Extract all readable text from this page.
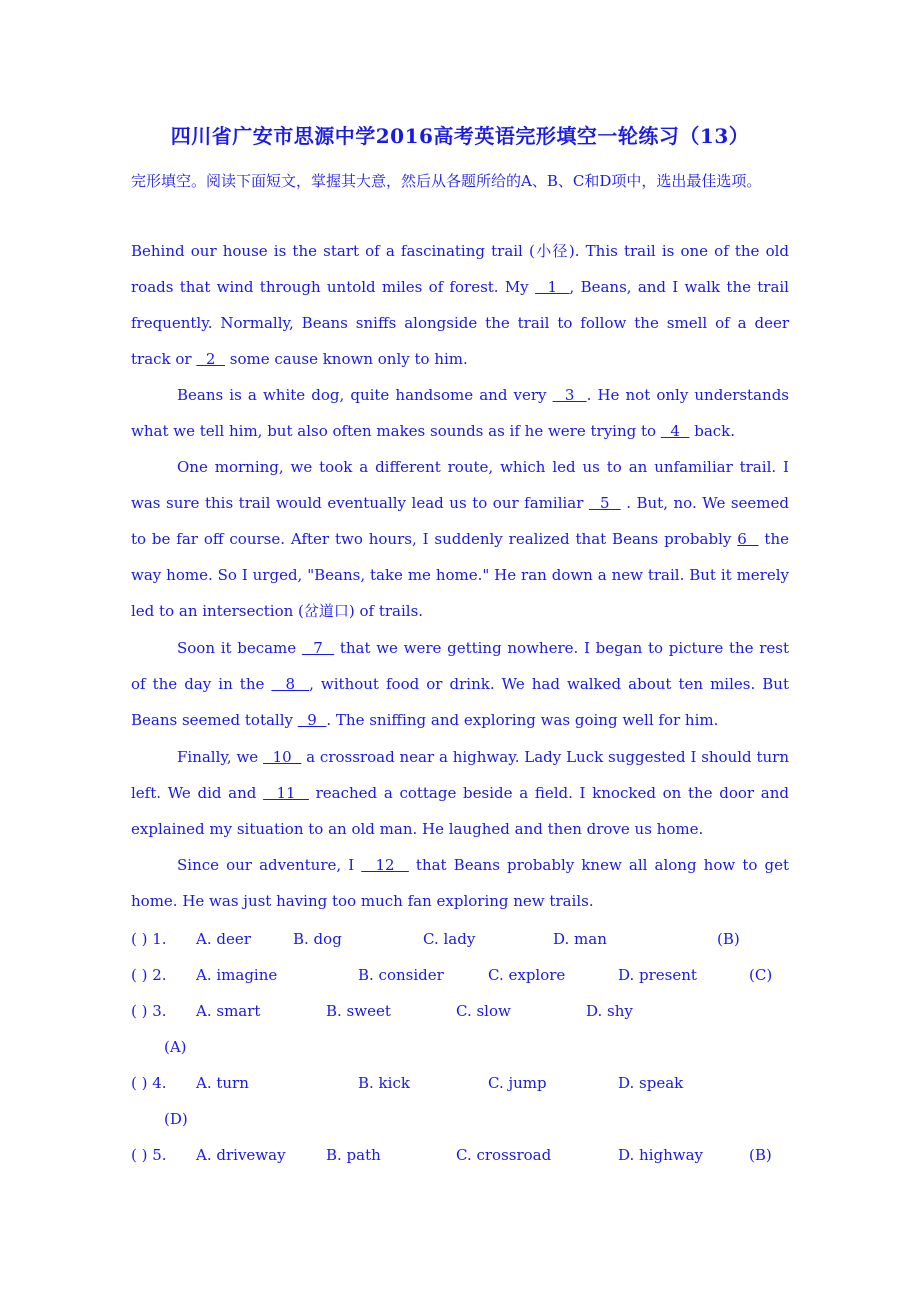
四川省广安市思源中学2016高考英语完形填空一轮练习（13）

完形填空。阅读下面短文，掌握其大意，然后从各题所给的A、B、C和D项中，选出最佳选项。

Behind our house is the start of a fascinating trail (小径). This trail is one of the old roads that wind through untold miles of forest. My   1  , Beans, and I walk the trail frequently. Normally, Beans sniffs alongside the trail to follow the smell of a deer track or   2   some cause known only to him.

Beans is a white dog, quite handsome and very   3  . He not only understands what we tell him, but also often makes sounds as if he were trying to   4   back.

One morning, we took a different route, which led us to an unfamiliar trail. I was sure this trail would eventually lead us to our familiar   5   . But, no. We seemed to be far off course. After two hours, I suddenly realized that Beans probably 6   the way home. So I urged, "Beans, take me home." He ran down a new trail. But it merely led to an intersection (岔道口) of trails.

Soon it became   7   that we were getting nowhere. I began to picture the rest of the day in the   8  , without food or drink. We had walked about ten miles. But Beans seemed totally   9  . The sniffing and exploring was going well for him.

Finally, we   10   a crossroad near a highway. Lady Luck suggested I should turn left. We did and   11   reached a cottage beside a field. I knocked on the door and explained my situation to an old man. He laughed and then drove us home.

Since our adventure, I   12   that Beans probably knew all along how to get home. He was just having too much fan exploring new trails.

( ) 1. A. deer	B. dog	C. lady	D. man	(B)
( ) 2. A. imagine	B. consider	C. explore	D. present	(C)
( ) 3. A. smart	B. sweet	C. slow	D. shy
(A)
( ) 4. A. turn	B. kick	C. jump	D. speak
(D)
( ) 5. A. driveway	B. path	C. crossroad	D. highway	(B)
